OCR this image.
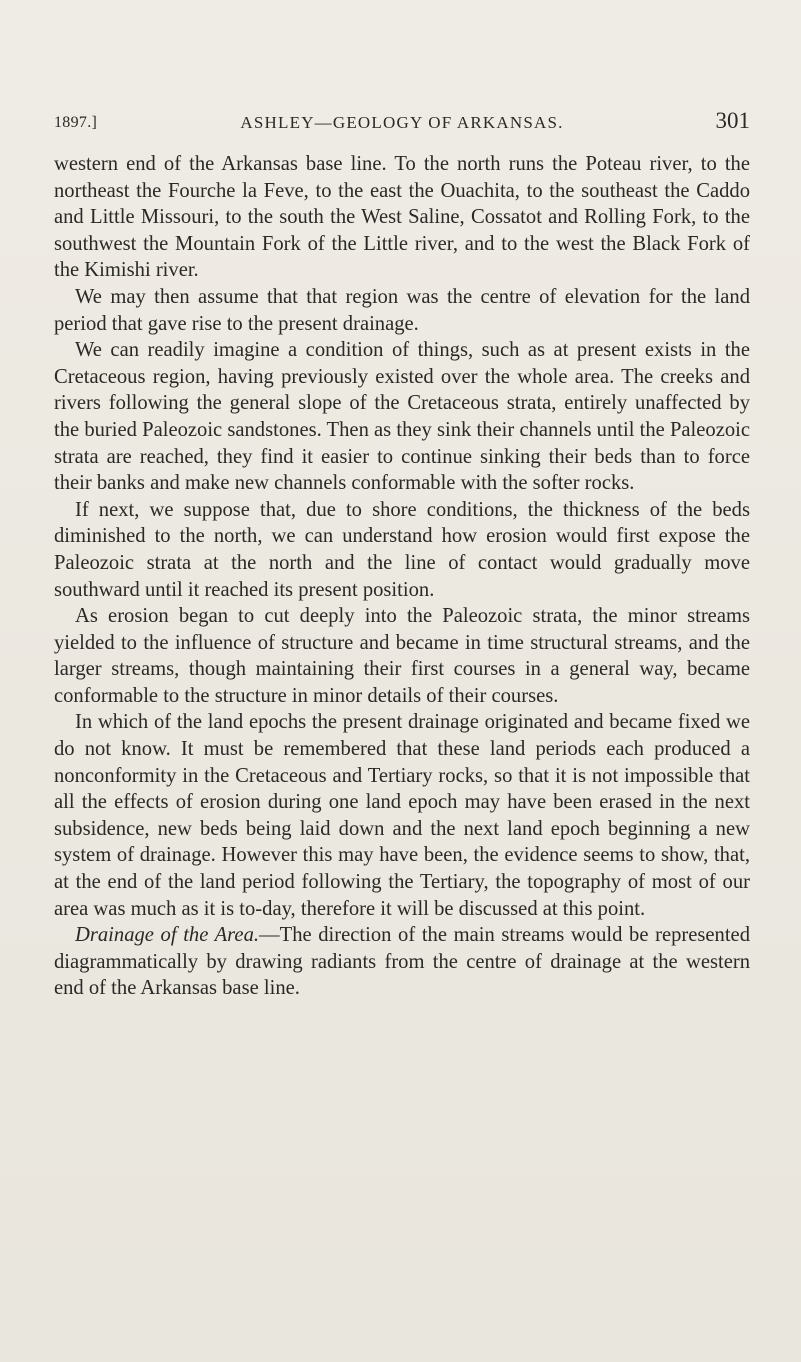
1897.]	ASHLEY—GEOLOGY OF ARKANSAS.	301

western end of the Arkansas base line. To the north runs the Poteau river, to the northeast the Fourche la Feve, to the east the Ouachita, to the southeast the Caddo and Little Missouri, to the south the West Saline, Cossatot and Rolling Fork, to the southwest the Mountain Fork of the Little river, and to the west the Black Fork of the Kimishi river.

We may then assume that that region was the centre of elevation for the land period that gave rise to the present drainage.

We can readily imagine a condition of things, such as at present exists in the Cretaceous region, having previously existed over the whole area. The creeks and rivers following the general slope of the Cretaceous strata, entirely unaffected by the buried Paleozoic sandstones. Then as they sink their channels until the Paleozoic strata are reached, they find it easier to continue sinking their beds than to force their banks and make new channels conformable with the softer rocks.

If next, we suppose that, due to shore conditions, the thickness of the beds diminished to the north, we can understand how erosion would first expose the Paleozoic strata at the north and the line of contact would gradually move southward until it reached its present position.

As erosion began to cut deeply into the Paleozoic strata, the minor streams yielded to the influence of structure and became in time structural streams, and the larger streams, though maintaining their first courses in a general way, became conformable to the structure in minor details of their courses.

In which of the land epochs the present drainage originated and became fixed we do not know. It must be remembered that these land periods each produced a nonconformity in the Cretaceous and Tertiary rocks, so that it is not impossible that all the effects of erosion during one land epoch may have been erased in the next subsidence, new beds being laid down and the next land epoch beginning a new system of drainage. However this may have been, the evidence seems to show, that, at the end of the land period following the Tertiary, the topography of most of our area was much as it is to-day, therefore it will be discussed at this point.

Drainage of the Area.—The direction of the main streams would be represented diagrammatically by drawing radiants from the centre of drainage at the western end of the Arkansas base line.
